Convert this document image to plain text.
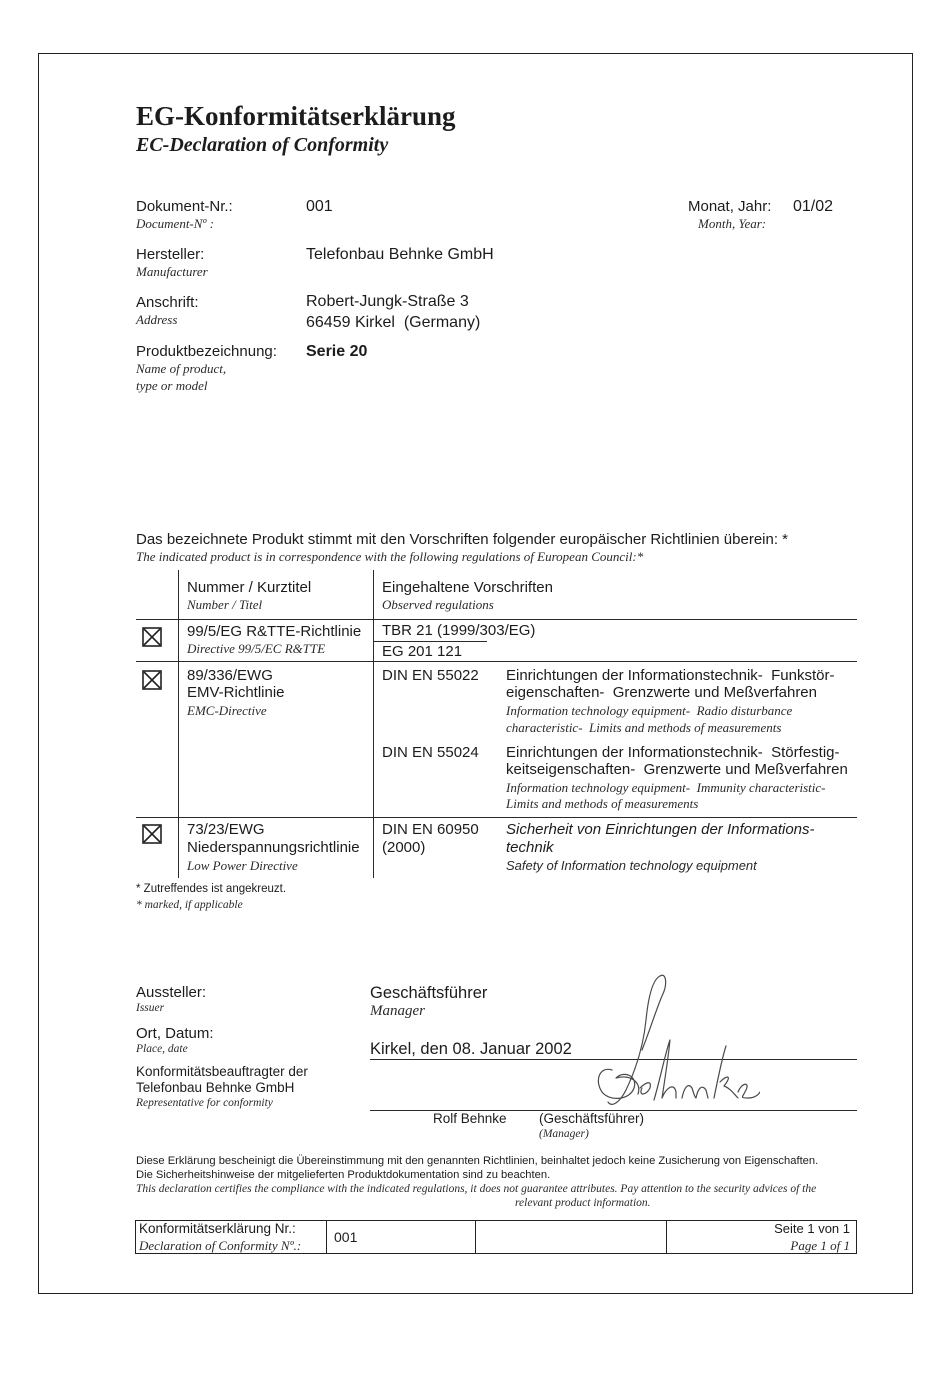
EG-Konformitätserklärung
EC-Declaration of Conformity
Dokument-Nr.:
Document-Nº :
001	Monat, Jahr:
Month, Year:
01/02
Hersteller:
Manufacturer
Telefonbau Behnke GmbH
Anschrift:
Address
Robert-Jungk-Straße 3
66459 Kirkel  (Germany)
Produktbezeichnung:
Name of product,
type or model
Serie 20
Das bezeichnete Produkt stimmt mit den Vorschriften folgender europäischer Richtlinien überein: *
The indicated product is in correspondence with the following regulations of European Council:*
Nummer / Kurztitel
Number / Titel
Eingehaltene Vorschriften
Observed regulations
99/5/EG R&TTE-Richtlinie
Directive 99/5/EC R&TTE
TBR 21 (1999/303/EG)
EG 201 121
89/336/EWG
EMV-Richtlinie
EMC-Directive
DIN EN 55022 Einrichtungen der Informationstechnik-  Funkstör-
eigenschaften-  Grenzwerte und Meßverfahren
Information technology equipment-  Radio disturbance
characteristic-  Limits and methods of measurements
DIN EN 55024 Einrichtungen der Informationstechnik-  Störfestig-
keitseigenschaften-  Grenzwerte und Meßverfahren
Information technology equipment-  Immunity characteristic-
Limits and methods of measurements
73/23/EWG
Niederspannungsrichtlinie
Low Power Directive
DIN EN 60950
(2000)
Sicherheit von Einrichtungen der Informations-
technik
Safety of Information technology equipment
* Zutreffendes ist angekreuzt.
* marked, if applicable
Aussteller:
Issuer
Geschäftsführer
Manager
Ort, Datum:
Place, date	Kirkel, den 08. Januar 2002
Konformitätsbeauftragter der
Telefonbau Behnke GmbH
Representative for conformity
Rolf Behnke (Geschäftsführer)
(Manager)
Diese Erklärung bescheinigt die Übereinstimmung mit den genannten Richtlinien, beinhaltet jedoch keine Zusicherung von Eigenschaften.
Die Sicherheitshinweise der mitgelieferten Produktdokumentation sind zu beachten.
This declaration certifies the compliance with the indicated regulations, it does not guarantee attributes. Pay attention to the security advices of the
relevant product information.
Konformitätserklärung Nr.:
Declaration of Conformity Nº.:
001
Seite 1 von 1
Page 1 of 1
